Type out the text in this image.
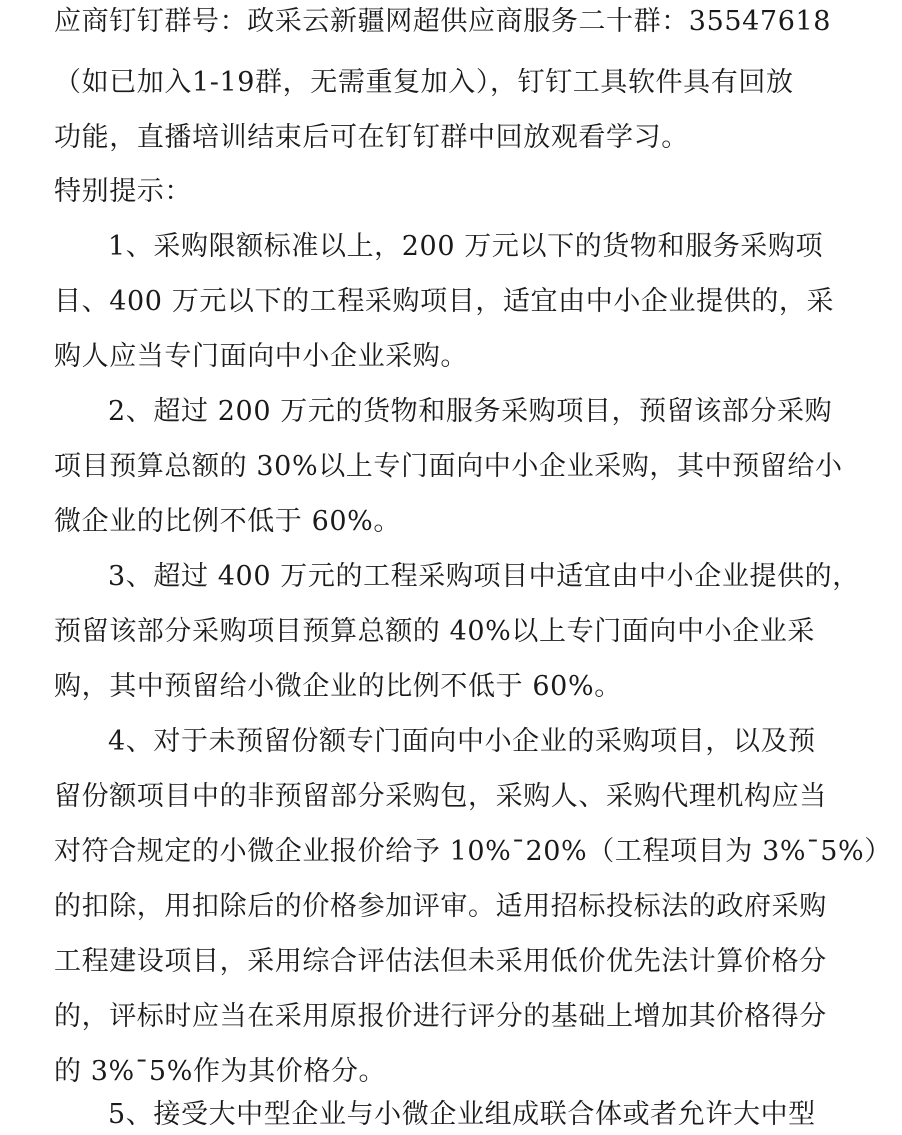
应商钉钉群号：政采云新疆网超供应商服务二十群：35547618
（如已加入1-19群，无需重复加入），钉钉工具软件具有回放
功能，直播培训结束后可在钉钉群中回放观看学习。
特别提示：
1、采购限额标准以上，200 万元以下的货物和服务采购项
目、400 万元以下的工程采购项目，适宜由中小企业提供的，采
购人应当专门面向中小企业采购。
2、超过 200 万元的货物和服务采购项目，预留该部分采购
项目预算总额的 30%以上专门面向中小企业采购，其中预留给小
微企业的比例不低于 60%。
3、超过 400 万元的工程采购项目中适宜由中小企业提供的，
预留该部分采购项目预算总额的 40%以上专门面向中小企业采
购，其中预留给小微企业的比例不低于 60%。
4、对于未预留份额专门面向中小企业的采购项目，以及预
留份额项目中的非预留部分采购包，采购人、采购代理机构应当
对符合规定的小微企业报价给予 10%¯20%（工程项目为 3%¯5%）
的扣除，用扣除后的价格参加评审。适用招标投标法的政府采购
工程建设项目，采用综合评估法但未采用低价优先法计算价格分
的，评标时应当在采用原报价进行评分的基础上增加其价格得分
的 3%¯5%作为其价格分。
5、接受大中型企业与小微企业组成联合体或者允许大中型
